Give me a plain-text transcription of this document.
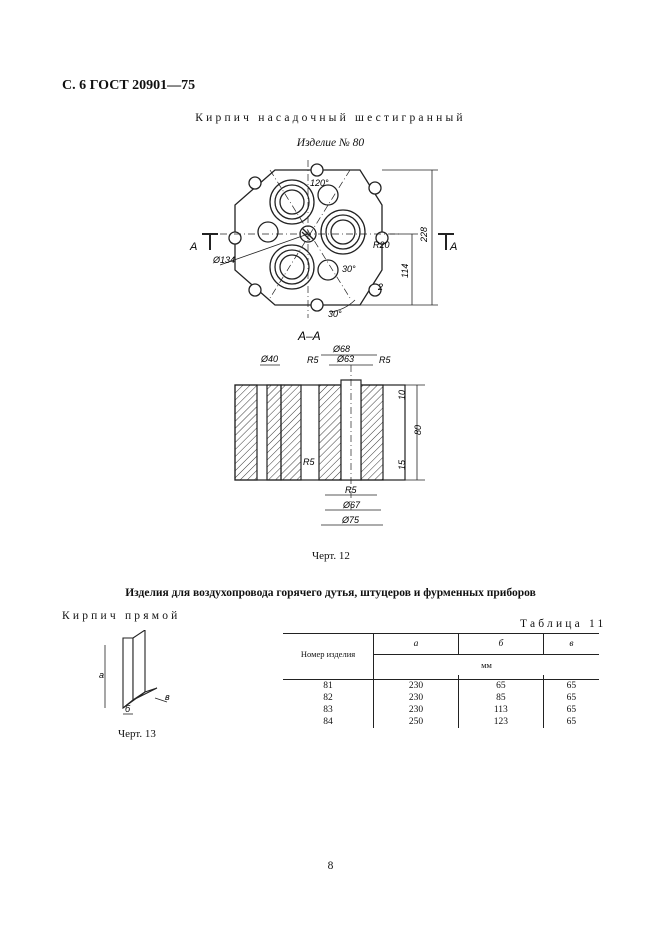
С. 6 ГОСТ 20901—75
Кирпич насадочный шестигранный
Изделие № 80
120°
R20
Ø134
30°
2
30°
228
114
A	A
A–A
Ø68
Ø63
Ø40	R5	R5
R5
R5
Ø67
Ø75
10
80
15
Черт. 12
Изделия для воздухопровода горячего дутья, штуцеров и фурменных приборов
Кирпич прямой
а
б
в
Черт. 13
Таблица 11
Номер изделия	а	б	в
	мм		

81	230	65	65
82	230	85	65
83	230	113	65
84	250	123	65
8
